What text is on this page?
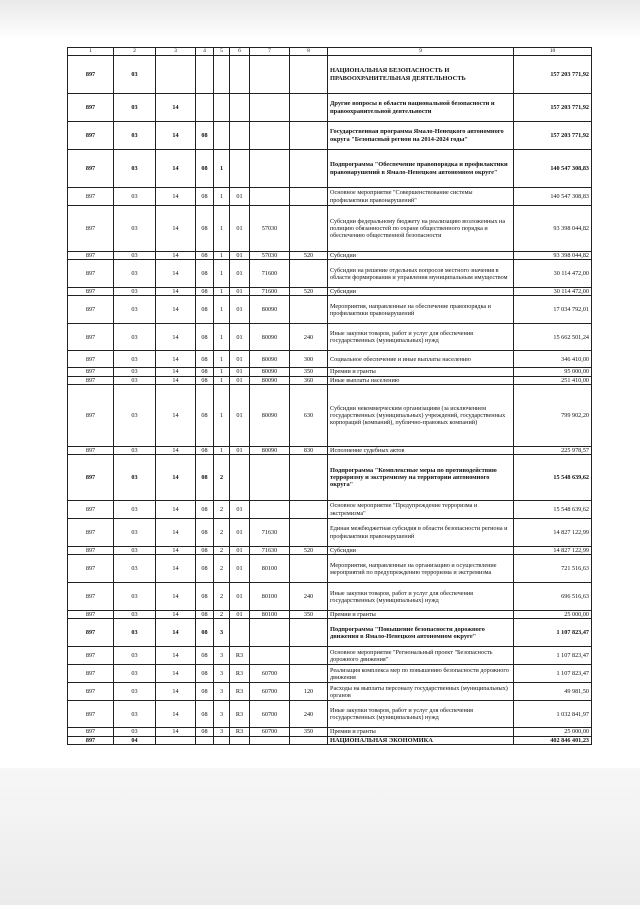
1	2	3	4	5	6	7	8	9	10
897	03							НАЦИОНАЛЬНАЯ БЕЗОПАСНОСТЬ И ПРАВООХРАНИТЕЛЬНАЯ ДЕЯТЕЛЬНОСТЬ	157 203 771,92
897	03	14						Другие вопросы в области национальной безопасности и правоохранительной деятельности	157 203 771,92
897	03	14	08					Государственная программа Ямало-Ненецкого автономного округа "Безопасный регион на 2014-2024 годы"	157 203 771,92
897	03	14	08	1				Подпрограмма "Обеспечение правопорядка и профилактики правонарушений в Ямало-Ненецком автономном округе"	140 547 308,83
897	03	14	08	1	01			Основное мероприятие "Совершенствование системы профилактики правонарушений"	140 547 308,83
897	03	14	08	1	01	57030		Субсидии федеральному бюджету на реализацию возложенных на полицию обязанностей по охране общественного порядка и обеспечению общественной безопасности	93 398 044,82
897	03	14	08	1	01	57030	520	Субсидии	93 398 044,82
897	03	14	08	1	01	71600		Субсидии на решение отдельных вопросов местного значения в области формирования и управления муниципальным имуществом	30 114 472,00
897	03	14	08	1	01	71600	520	Субсидии	30 114 472,00
897	03	14	08	1	01	80090		Мероприятия, направленные на обеспечение правопорядка и профилактики правонарушений	17 034 792,01
897	03	14	08	1	01	80090	240	Иные закупки товаров, работ и услуг для обеспечения государственных (муниципальных) нужд	15 662 501,24
897	03	14	08	1	01	80090	300	Социальное обеспечение и иные выплаты населению	346 410,00
897	03	14	08	1	01	80090	350	Премии и гранты	95 000,00
897	03	14	08	1	01	80090	360	Иные выплаты населению	251 410,00
897	03	14	08	1	01	80090	630	Субсидии некоммерческим организациям (за исключением государственных (муниципальных) учреждений, государственных корпораций (компаний), публично-правовых компаний)	799 902,20
897	03	14	08	1	01	80090	830	Исполнение судебных актов	225 978,57
897	03	14	08	2				Подпрограмма "Комплексные меры по противодействию терроризму и экстремизму на территории автономного округа"	15 548 639,62
897	03	14	08	2	01			Основное мероприятие "Предупреждение терроризма и экстремизма"	15 548 639,62
897	03	14	08	2	01	71630		Единая межбюджетная субсидия в области безопасности региона и профилактики правонарушений	14 827 122,99
897	03	14	08	2	01	71630	520	Субсидии	14 827 122,99
897	03	14	08	2	01	80100		Мероприятия, направленные на организацию и осуществление мероприятий по предупреждению терроризма и экстремизма	721 516,63
897	03	14	08	2	01	80100	240	Иные закупки товаров, работ и услуг для обеспечения государственных (муниципальных) нужд	696 516,63
897	03	14	08	2	01	80100	350	Премии и гранты	25 000,00
897	03	14	08	3				Подпрограмма "Повышение безопасности дорожного движения в Ямало-Ненецком автономном округе"	1 107 823,47
897	03	14	08	3	R3			Основное мероприятие "Региональный проект "Безопасность дорожного движения"	1 107 823,47
897	03	14	08	3	R3	60700		Реализация комплекса мер по повышению безопасности дорожного движения	1 107 823,47
897	03	14	08	3	R3	60700	120	Расходы на выплаты персоналу государственных (муниципальных) органов	49 981,50
897	03	14	08	3	R3	60700	240	Иные закупки товаров, работ и услуг для обеспечения государственных (муниципальных) нужд	1 032 841,97
897	03	14	08	3	R3	60700	350	Премии и гранты	25 000,00
897	04							НАЦИОНАЛЬНАЯ ЭКОНОМИКА	402 846 401,23
